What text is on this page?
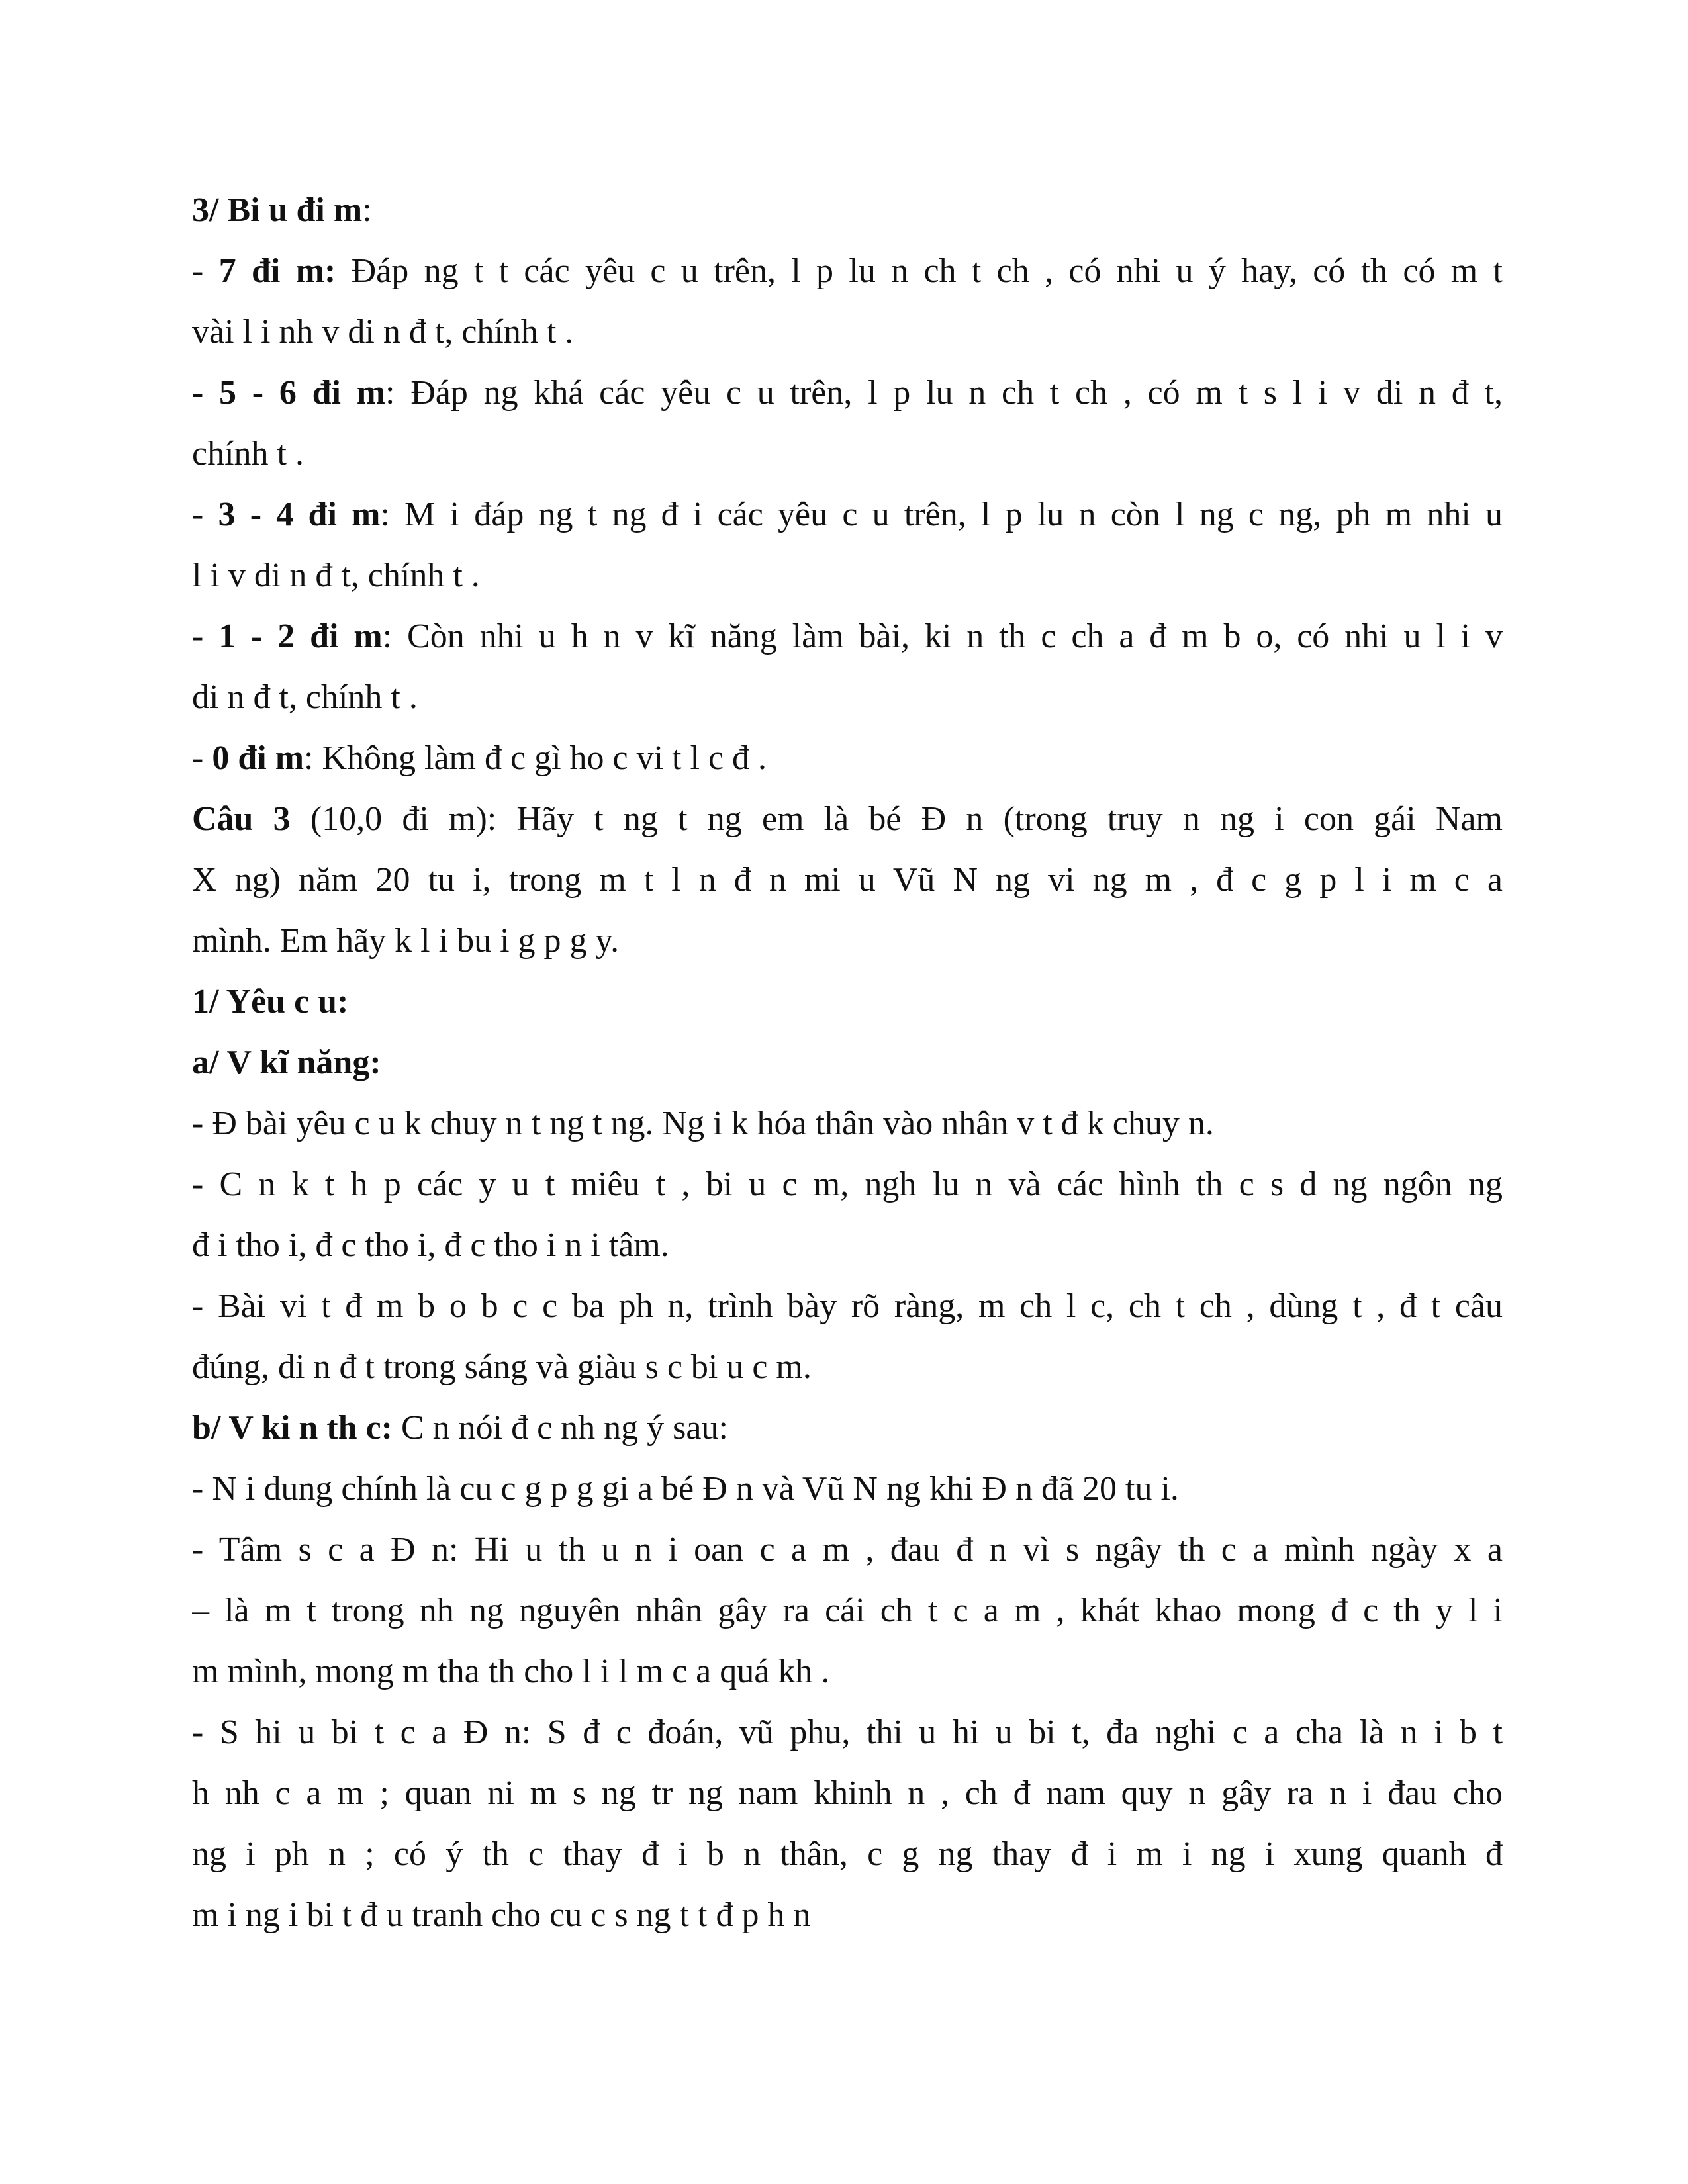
3/ Bi u đi m:
- 7 đi m: Đáp ng t t các yêu c u trên, l p lu n ch t ch , có nhi u ý hay, có th có m t
vài l i nh v di n đ t, chính t .
- 5 - 6 đi m: Đáp ng khá các yêu c u trên, l p lu n ch t ch , có m t s l i v di n đ t,
chính t .
- 3 - 4 đi m: M i đáp ng t ng đ i các yêu c u trên, l p lu n còn l ng c ng, ph m nhi u
l i v di n đ t, chính t .
- 1 - 2 đi m: Còn nhi u h n v kĩ năng làm bài, ki n th c ch a đ m b o, có nhi u l i v
di n đ t, chính t .
- 0 đi m: Không làm đ c gì ho c vi t l c đ .
Câu 3 (10,0 đi m): Hãy t ng t ng em là bé Đ n (trong truy n ng i con gái Nam
X ng) năm 20 tu i, trong m t l n đ n mi u Vũ N ng vi ng m , đ c g p l i m c a
mình. Em hãy k l i bu i g p g y.
1/ Yêu c u:
a/ V kĩ năng:
- Đ bài yêu c u k chuy n t ng t ng. Ng i k hóa thân vào nhân v t đ k chuy n.
- C n k t h p các y u t miêu t , bi u c m, ngh lu n và các hình th c s d ng ngôn ng
đ i tho i, đ c tho i, đ c tho i n i tâm.
- Bài vi t đ m b o b c c ba ph n, trình bày rõ ràng, m ch l c, ch t ch , dùng t , đ t câu
đúng, di n đ t trong sáng và giàu s c bi u c m.
b/ V ki n th c: C n nói đ c nh ng ý sau:
- N i dung chính là cu c g p g gi a bé Đ n và Vũ N ng khi Đ n đã 20 tu i.
- Tâm s c a Đ n: Hi u th u n i oan c a m , đau đ n vì s ngây th c a mình ngày x a
– là m t trong nh ng nguyên nhân gây ra cái ch t c a m , khát khao mong đ c th y l i
m mình, mong m tha th cho l i l m c a quá kh .
- S hi u bi t c a Đ n: S đ c đoán, vũ phu, thi u hi u bi t, đa nghi c a cha là n i b t
h nh c a m ; quan ni m s ng tr ng nam khinh n , ch đ nam quy n gây ra n i đau cho
ng i ph n ; có ý th c thay đ i b n thân, c g ng thay đ i m i ng i xung quanh đ
m i ng i bi t đ u tranh cho cu c s ng t t đ p h n
